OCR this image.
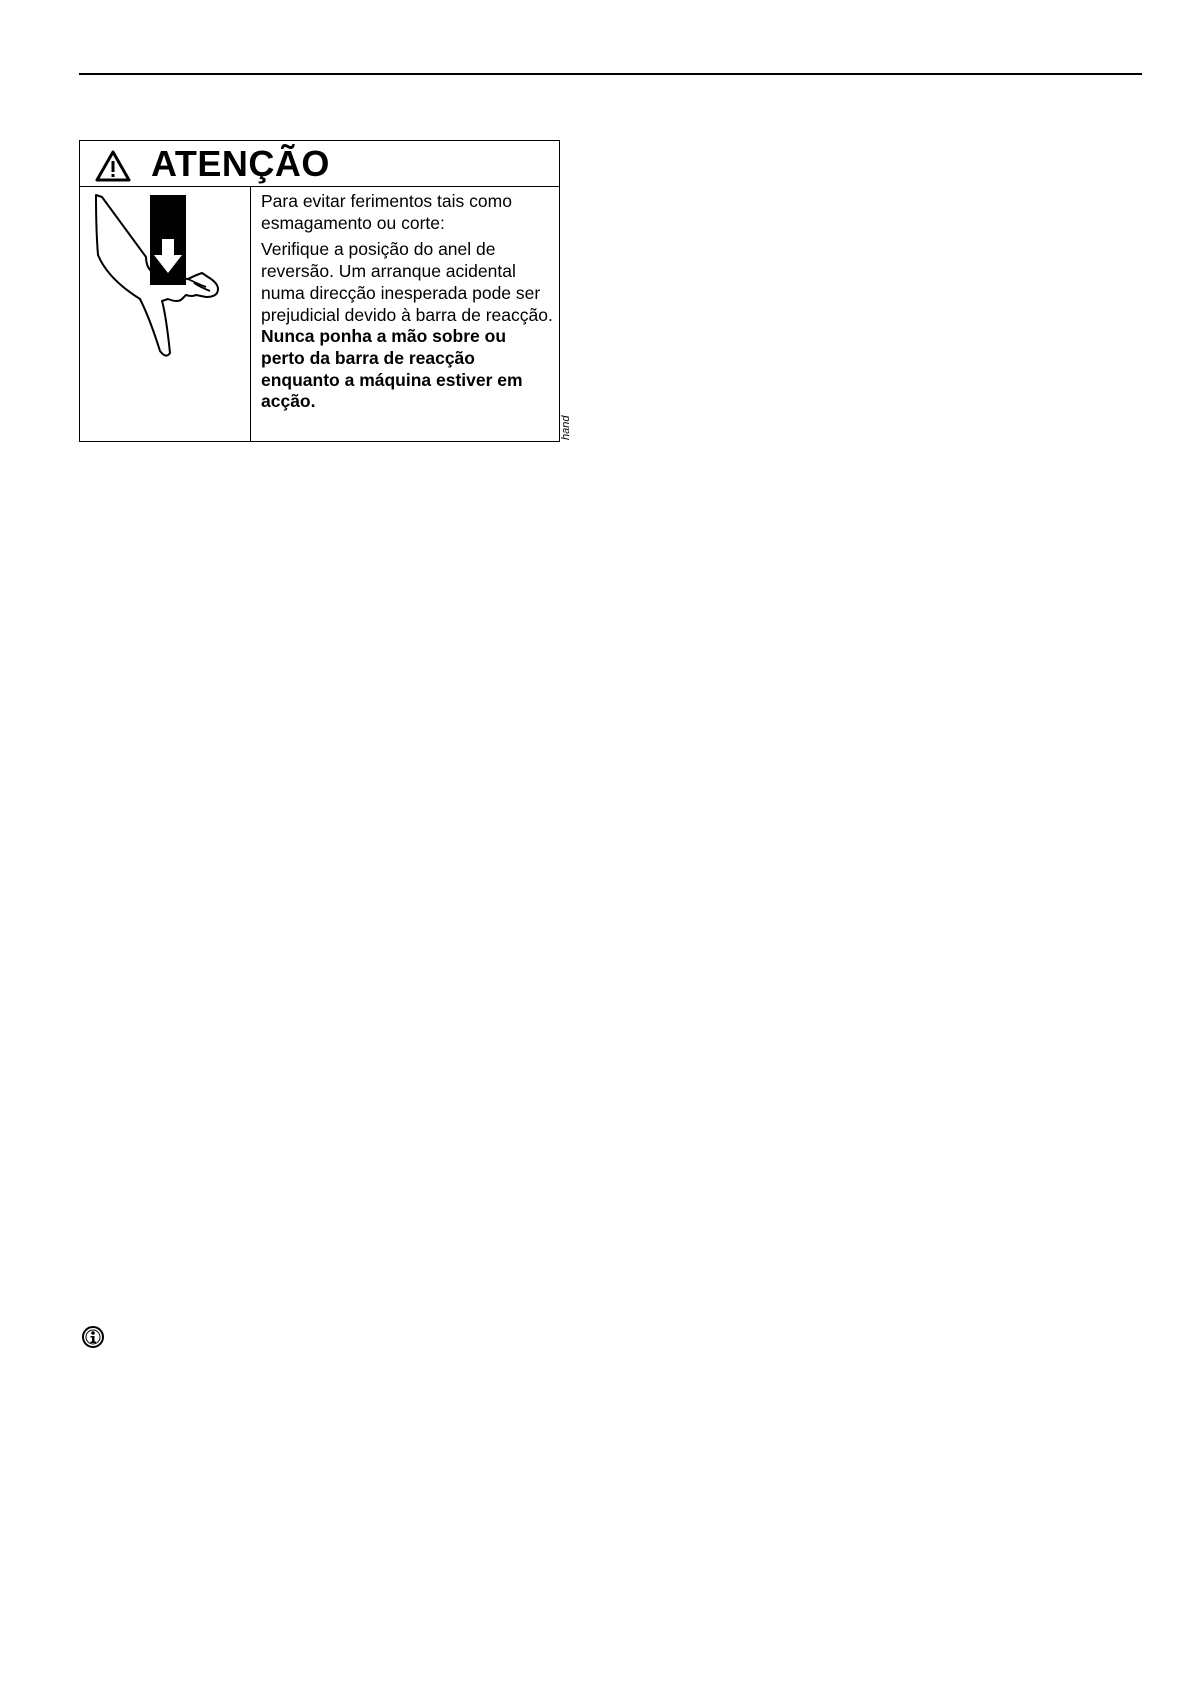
ATENÇÃO

Para evitar ferimentos tais como esmagamento ou corte:

Verifique a posição do anel de reversão. Um arranque acidental numa direcção inesperada pode ser prejudicial devido à barra de reacção.

Nunca ponha a mão sobre ou perto da barra de reacção enquanto a máquina estiver em acção.

hand
